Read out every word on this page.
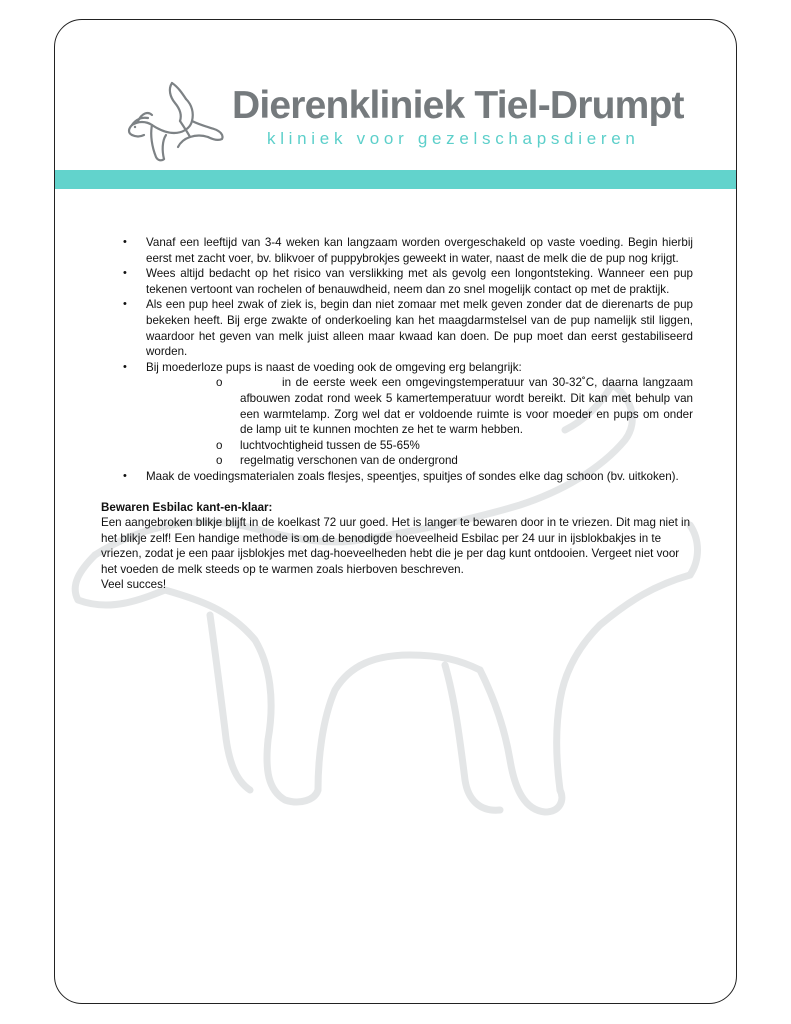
Dierenkliniek Tiel-Drumpt
kliniek voor gezelschapsdieren
• Vanaf een leeftijd van 3-4 weken kan langzaam worden overgeschakeld op vaste voeding. Begin hierbij eerst met zacht voer, bv. blikvoer of puppybrokjes geweekt in water, naast de melk die de pup nog krijgt.
• Wees altijd bedacht op het risico van verslikking met als gevolg een longontsteking. Wanneer een pup tekenen vertoont van rochelen of benauwdheid, neem dan zo snel mogelijk contact op met de praktijk.
• Als een pup heel zwak of ziek is, begin dan niet zomaar met melk geven zonder dat de dierenarts de pup bekeken heeft. Bij erge zwakte of onderkoeling kan het maagdarmstelsel van de pup namelijk stil liggen, waardoor het geven van melk juist alleen maar kwaad kan doen. De pup moet dan eerst gestabiliseerd worden.
• Bij moederloze pups is naast de voeding ook de omgeving erg belangrijk:
o	in de eerste week een omgevingstemperatuur van 30-32˚C, daarna langzaam afbouwen zodat rond week 5 kamertemperatuur wordt bereikt. Dit kan met behulp van een warmtelamp. Zorg wel dat er voldoende ruimte is voor moeder en pups om onder de lamp uit te kunnen mochten ze het te warm hebben.
o luchtvochtigheid tussen de 55-65%
o regelmatig verschonen van de ondergrond
• Maak de voedingsmaterialen zoals flesjes, speentjes, spuitjes of sondes elke dag schoon (bv. uitkoken).
Bewaren Esbilac kant-en-klaar:
Een aangebroken blikje blijft in de koelkast 72 uur goed. Het is langer te bewaren door in te vriezen. Dit mag niet in het blikje zelf! Een handige methode is om de benodigde hoeveelheid Esbilac per 24 uur in ijsblokbakjes in te vriezen, zodat je een paar ijsblokjes met dag-hoeveelheden hebt die je per dag kunt ontdooien. Vergeet niet voor het voeden de melk steeds op te warmen zoals hierboven beschreven.
Veel succes!
